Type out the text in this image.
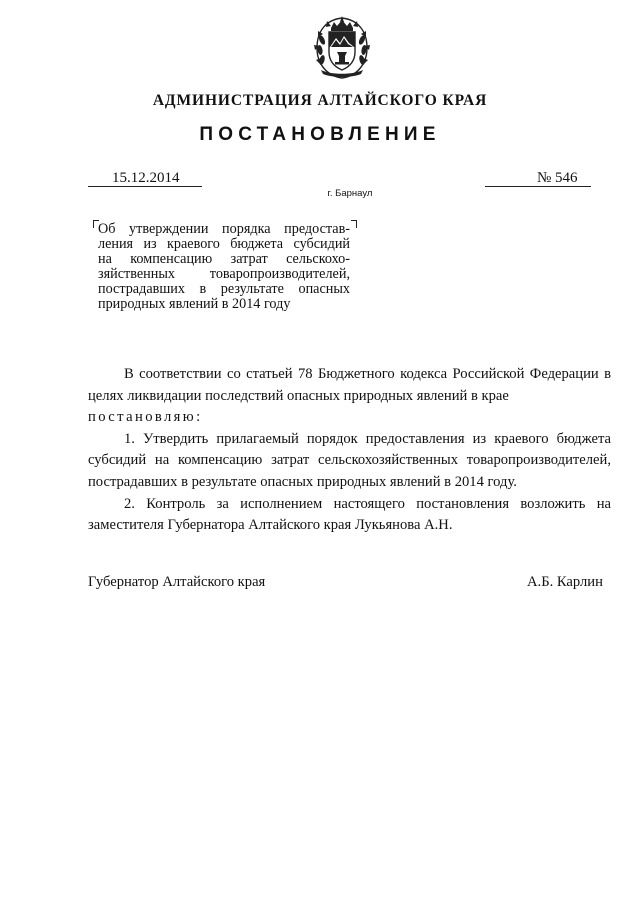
АДМИНИСТРАЦИЯ АЛТАЙСКОГО КРАЯ
ПОСТАНОВЛЕНИЕ
15.12.2014	№ 546
г. Барнаул
Об утверждении порядка предостав-
ления из краевого бюджета субсидий
на компенсацию затрат сельскохо-
зяйственных товаропроизводителей,
пострадавших в результате опасных
природных явлений в 2014 году

В соответствии со статьей 78 Бюджетного кодекса Российской Федерации в целях ликвидации последствий опасных природных явлений в крае

постановляю:

1. Утвердить прилагаемый порядок предоставления из краевого бюджета субсидий на компенсацию затрат сельскохозяйственных товаропроизводителей, пострадавших в результате опасных природных явлений в 2014 году.

2. Контроль за исполнением настоящего постановления возложить на заместителя Губернатора Алтайского края Лукьянова А.Н.

Губернатор Алтайского края	А.Б. Карлин
